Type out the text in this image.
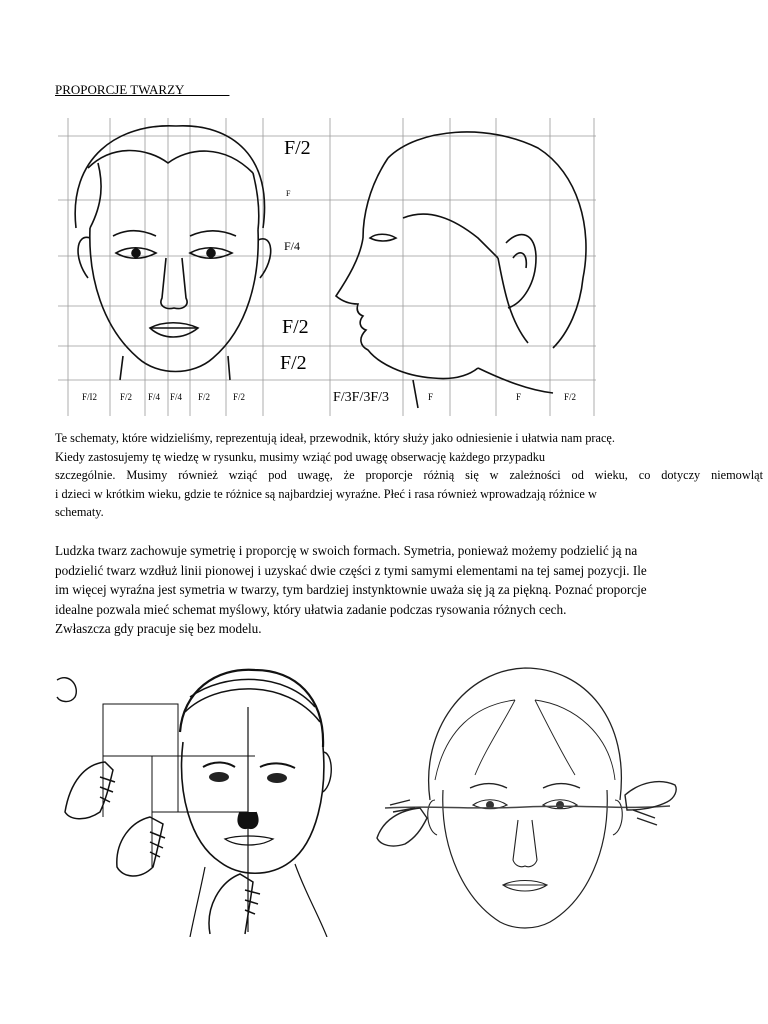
PROPORCJE TWARZY
F/2
F
F/4
F/2
F/2
F/I2	F/2 F/4 F/4 F/2	F/2	F/3F/3F/3	F	F	F/2
Te schematy, które widzieliśmy, reprezentują ideał, przewodnik, który służy jako odniesienie i ułatwia nam pracę.
Kiedy zastosujemy tę wiedzę w rysunku, musimy wziąć pod uwagę obserwację każdego przypadku
szczególnie. Musimy również wziąć pod uwagę, że proporcje różnią się w zależności od wieku, co dotyczy niemowląt
i dzieci w krótkim wieku, gdzie te różnice są najbardziej wyraźne. Płeć i rasa również wprowadzają różnice w
schematy.
Ludzka twarz zachowuje symetrię i proporcję w swoich formach. Symetria, ponieważ możemy podzielić ją na
podzielić twarz wzdłuż linii pionowej i uzyskać dwie części z tymi samymi elementami na tej samej pozycji. Ile
im więcej wyraźna jest symetria w twarzy, tym bardziej instynktownie uważa się ją za piękną. Poznać proporcje
idealne pozwala mieć schemat myślowy, który ułatwia zadanie podczas rysowania różnych cech.
Zwłaszcza gdy pracuje się bez modelu.
